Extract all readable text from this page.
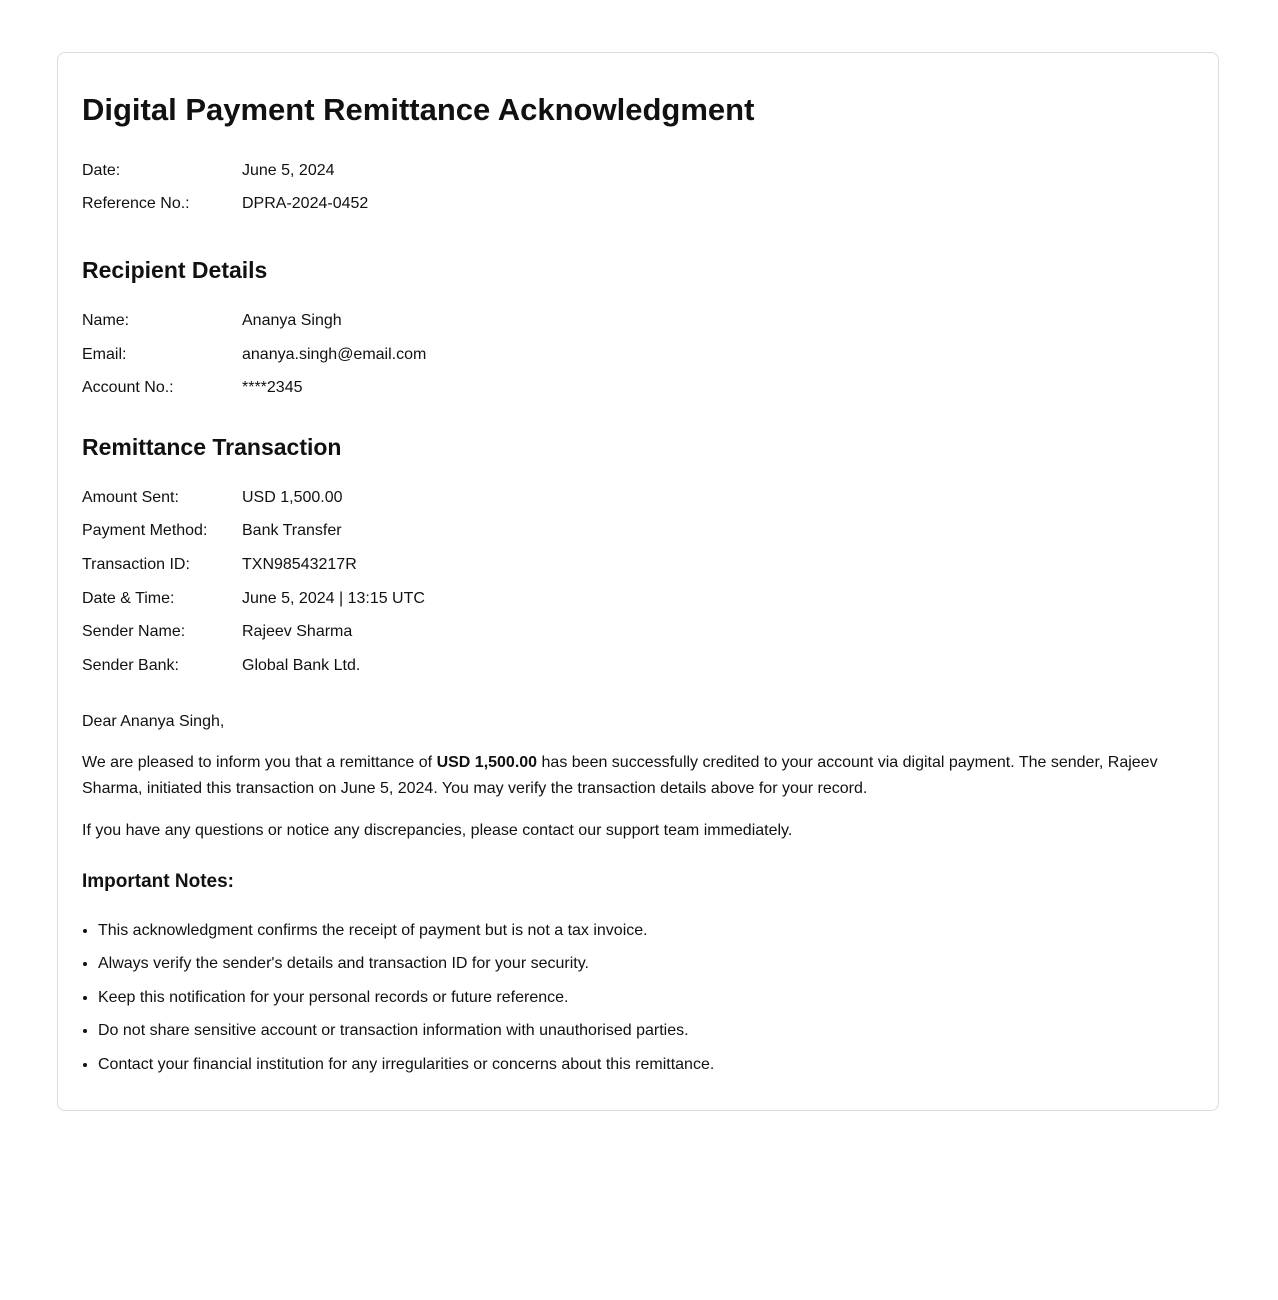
Digital Payment Remittance Acknowledgment
Date:	June 5, 2024
Reference No.:	DPRA-2024-0452
Recipient Details
Name:	Ananya Singh
Email:	ananya.singh@email.com
Account No.:	****2345
Remittance Transaction
Amount Sent:	USD 1,500.00
Payment Method:	Bank Transfer
Transaction ID:	TXN98543217R
Date & Time:	June 5, 2024 | 13:15 UTC
Sender Name:	Rajeev Sharma
Sender Bank:	Global Bank Ltd.

Dear Ananya Singh,

We are pleased to inform you that a remittance of USD 1,500.00 has been successfully credited to your account via digital payment. The sender, Rajeev Sharma, initiated this transaction on June 5, 2024. You may verify the transaction details above for your record.

If you have any questions or notice any discrepancies, please contact our support team immediately.

Important Notes:
• This acknowledgment confirms the receipt of payment but is not a tax invoice.
• Always verify the sender's details and transaction ID for your security.
• Keep this notification for your personal records or future reference.
• Do not share sensitive account or transaction information with unauthorised parties.
• Contact your financial institution for any irregularities or concerns about this remittance.
